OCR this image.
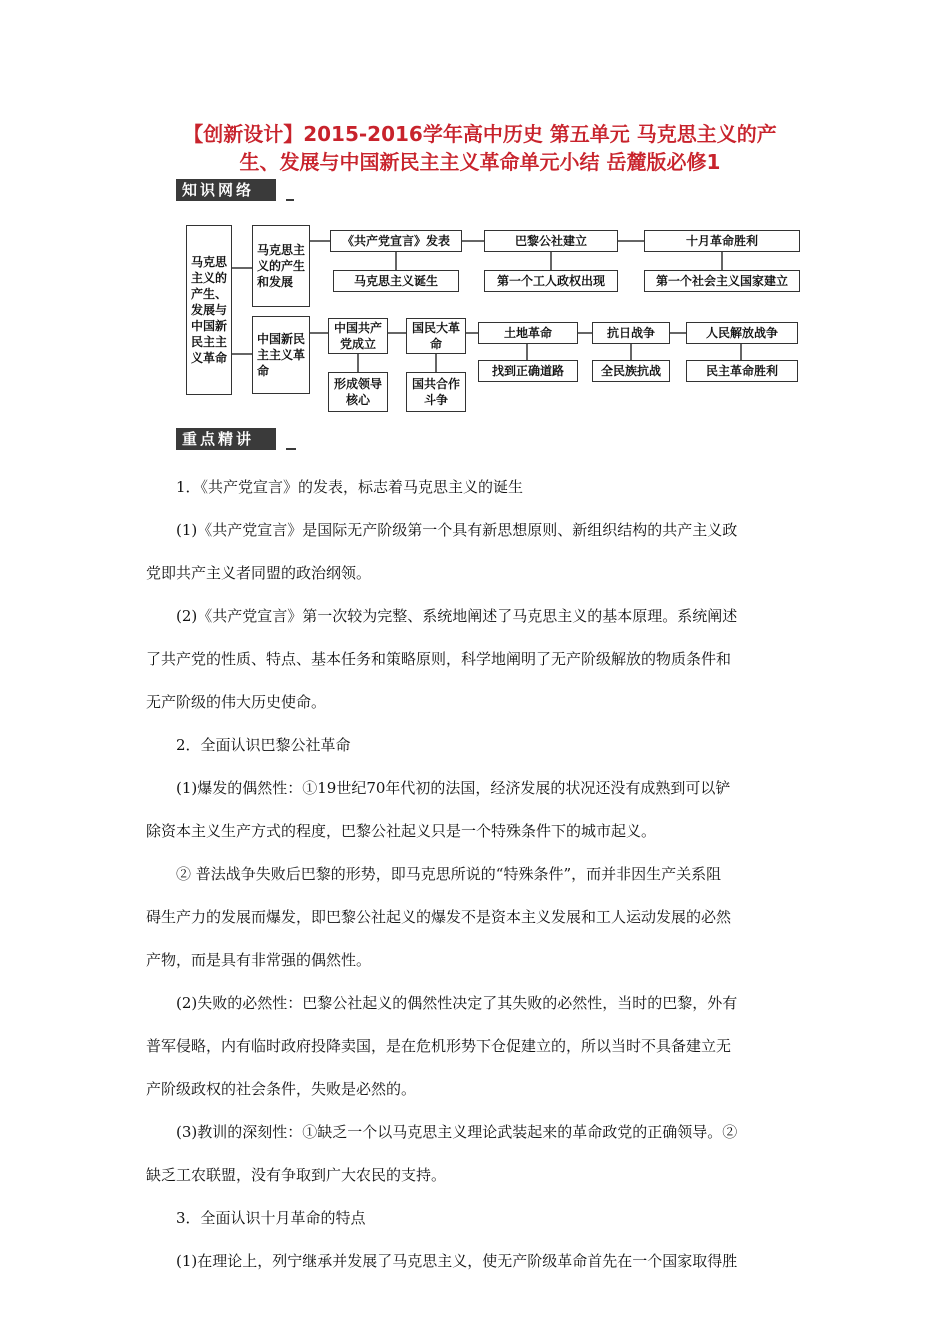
【创新设计】2015-2016学年高中历史 第五单元 马克思主义的产
生、发展与中国新民主主义革命单元小结 岳麓版必修1
知识网络
马克思主义的产生、发展与中国新民主主义革命
马克思主义的产生和发展
中国新民主主义革命
《共产党宣言》发表
马克思主义诞生
巴黎公社建立
第一个工人政权出现
十月革命胜利
第一个社会主义国家建立
中国共产党成立
形成领导核心
国民大革命
国共合作斗争
土地革命
找到正确道路
抗日战争
全民族抗战
人民解放战争
民主革命胜利
重点精讲
1．《共产党宣言》的发表，标志着马克思主义的诞生
(1)《共产党宣言》是国际无产阶级第一个具有新思想原则、新组织结构的共产主义政
党即共产主义者同盟的政治纲领。
(2)《共产党宣言》第一次较为完整、系统地阐述了马克思主义的基本原理。系统阐述
了共产党的性质、特点、基本任务和策略原则，科学地阐明了无产阶级解放的物质条件和
无产阶级的伟大历史使命。
2．全面认识巴黎公社革命
(1)爆发的偶然性：①19世纪70年代初的法国，经济发展的状况还没有成熟到可以铲
除资本主义生产方式的程度，巴黎公社起义只是一个特殊条件下的城市起义。
② 普法战争失败后巴黎的形势，即马克思所说的“特殊条件”，而并非因生产关系阻
碍生产力的发展而爆发，即巴黎公社起义的爆发不是资本主义发展和工人运动发展的必然
产物，而是具有非常强的偶然性。
(2)失败的必然性：巴黎公社起义的偶然性决定了其失败的必然性，当时的巴黎，外有
普军侵略，内有临时政府投降卖国，是在危机形势下仓促建立的，所以当时不具备建立无
产阶级政权的社会条件，失败是必然的。
(3)教训的深刻性：①缺乏一个以马克思主义理论武装起来的革命政党的正确领导。②
缺乏工农联盟，没有争取到广大农民的支持。
3．全面认识十月革命的特点
(1)在理论上，列宁继承并发展了马克思主义，使无产阶级革命首先在一个国家取得胜
